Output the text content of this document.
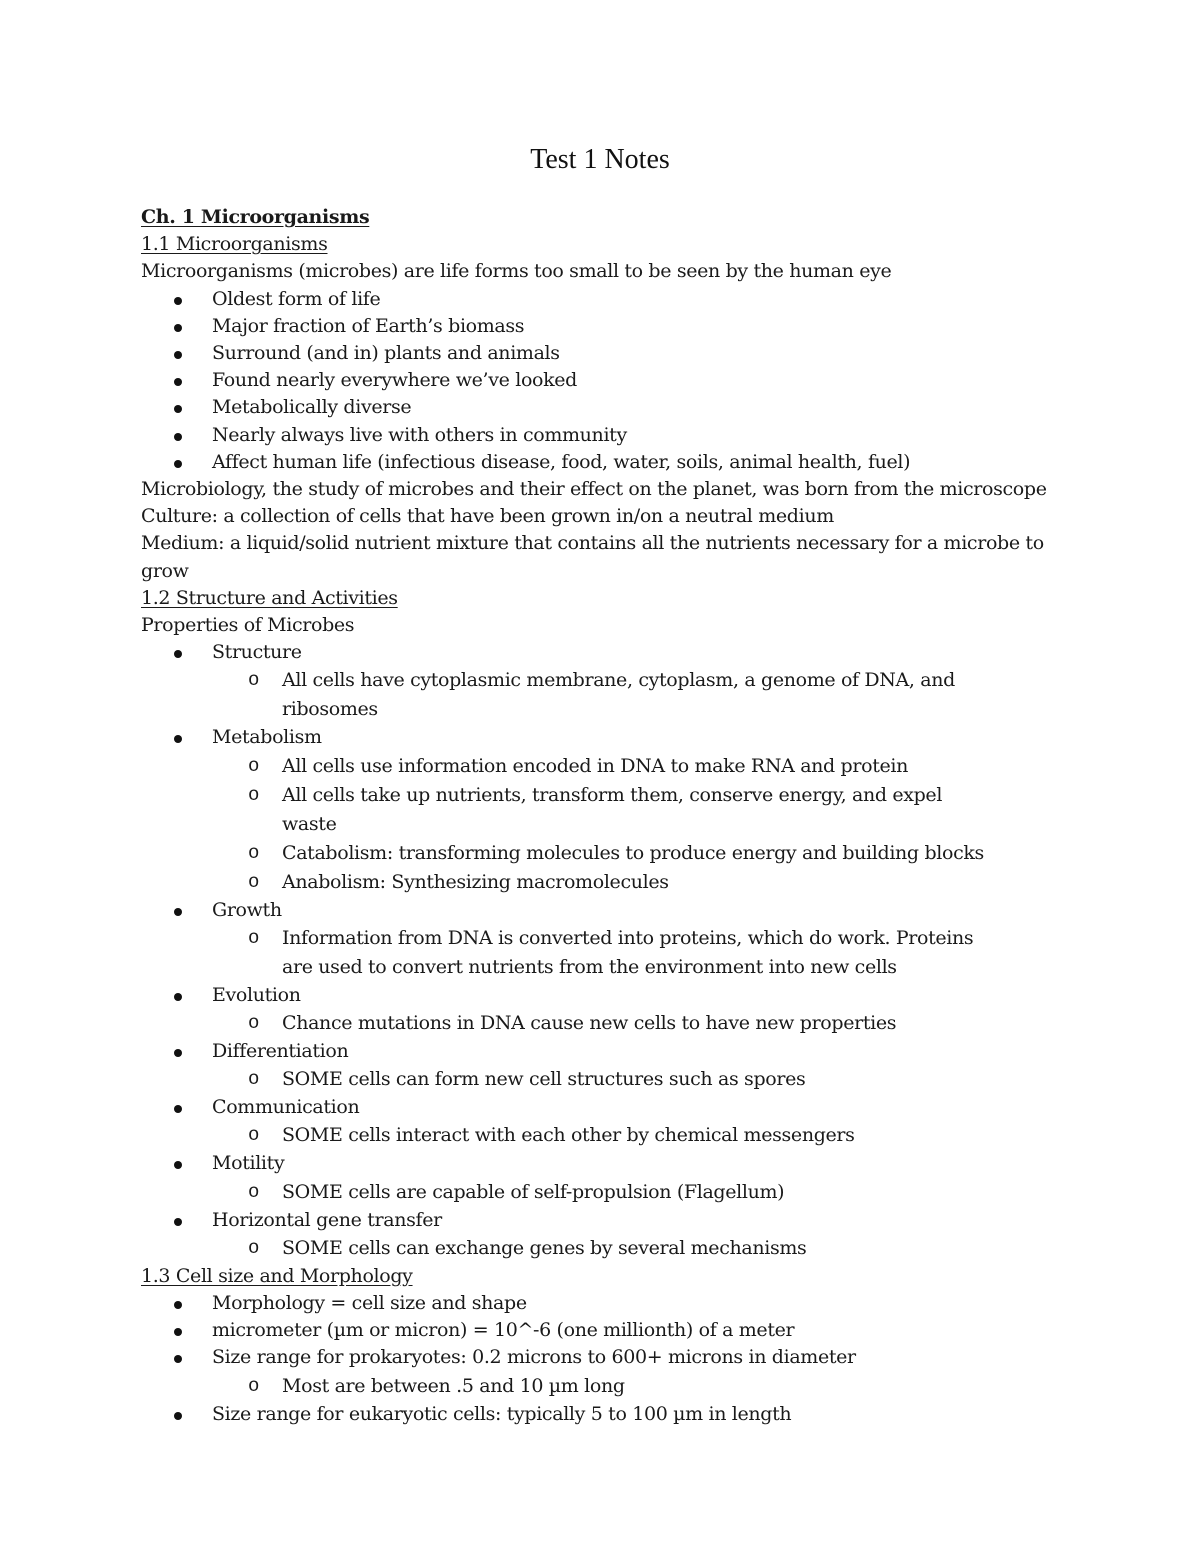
Test 1 Notes

Ch. 1 Microorganisms

1.1 Microorganisms

Microorganisms (microbes) are life forms too small to be seen by the human eye

Oldest form of life
Major fraction of Earth’s biomass
Surround (and in) plants and animals
Found nearly everywhere we’ve looked
Metabolically diverse
Nearly always live with others in community
Affect human life (infectious disease, food, water, soils, animal health, fuel)

Microbiology, the study of microbes and their effect on the planet, was born from the microscope

Culture: a collection of cells that have been grown in/on a neutral medium

Medium: a liquid/solid nutrient mixture that contains all the nutrients necessary for a microbe to grow

1.2 Structure and Activities

Properties of Microbes

Structure
o All cells have cytoplasmic membrane, cytoplasm, a genome of DNA, and ribosomes
Metabolism
o All cells use information encoded in DNA to make RNA and protein
o All cells take up nutrients, transform them, conserve energy, and expel waste
o Catabolism: transforming molecules to produce energy and building blocks
o Anabolism: Synthesizing macromolecules
Growth
o Information from DNA is converted into proteins, which do work. Proteins are used to convert nutrients from the environment into new cells
Evolution
o Chance mutations in DNA cause new cells to have new properties
Differentiation
o SOME cells can form new cell structures such as spores
Communication
o SOME cells interact with each other by chemical messengers
Motility
o SOME cells are capable of self-propulsion (Flagellum)
Horizontal gene transfer
o SOME cells can exchange genes by several mechanisms

1.3 Cell size and Morphology

Morphology = cell size and shape
micrometer (µm or micron) = 10^-6 (one millionth) of a meter
Size range for prokaryotes: 0.2 microns to 600+ microns in diameter
o Most are between .5 and 10 µm long
Size range for eukaryotic cells: typically 5 to 100 µm in length
